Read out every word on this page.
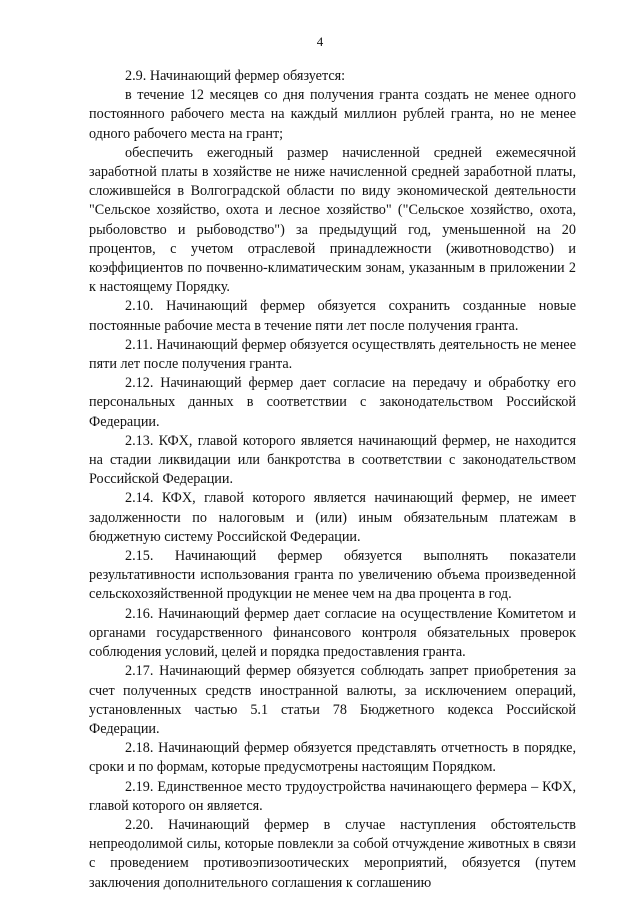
4

2.9. Начинающий фермер обязуется:

в течение 12 месяцев со дня получения гранта создать не менее одного постоянного рабочего места на каждый миллион рублей гранта, но не менее одного рабочего места на грант;

обеспечить ежегодный размер начисленной средней ежемесячной заработной платы в хозяйстве не ниже начисленной средней заработной платы, сложившейся в Волгоградской области по виду экономической деятельности "Сельское хозяйство, охота и лесное хозяйство" ("Сельское хозяйство, охота, рыболовство и рыбоводство") за предыдущий год, уменьшенной на 20 процентов, с учетом отраслевой принадлежности (животноводство) и коэффициентов по почвенно-климатическим зонам, указанным в приложении 2 к настоящему Порядку.

2.10. Начинающий фермер обязуется сохранить созданные новые постоянные рабочие места в течение пяти лет после получения гранта.

2.11. Начинающий фермер обязуется осуществлять деятельность не менее пяти лет после получения гранта.

2.12. Начинающий фермер дает согласие на передачу и обработку его персональных данных в соответствии с законодательством Российской Федерации.

2.13. КФХ, главой которого является начинающий фермер, не находится на стадии ликвидации или банкротства в соответствии с законодательством Российской Федерации.

2.14. КФХ, главой которого является начинающий фермер, не имеет задолженности по налоговым и (или) иным обязательным платежам в бюджетную систему Российской Федерации.

2.15. Начинающий фермер обязуется выполнять показатели результативности использования гранта по увеличению объема произведенной сельскохозяйственной продукции не менее чем на два процента в год.

2.16. Начинающий фермер дает согласие на осуществление Комитетом и органами государственного финансового контроля обязательных проверок соблюдения условий, целей и порядка предоставления гранта.

2.17. Начинающий фермер обязуется соблюдать запрет приобретения за счет полученных средств иностранной валюты, за исключением операций, установленных частью 5.1 статьи 78 Бюджетного кодекса Российской Федерации.

2.18. Начинающий фермер обязуется представлять отчетность в порядке, сроки и по формам, которые предусмотрены настоящим Порядком.

2.19. Единственное место трудоустройства начинающего фермера – КФХ, главой которого он является.

2.20. Начинающий фермер в случае наступления обстоятельств непреодолимой силы, которые повлекли за собой отчуждение животных в связи с проведением противоэпизоотических мероприятий, обязуется (путем заключения дополнительного соглашения к соглашению
